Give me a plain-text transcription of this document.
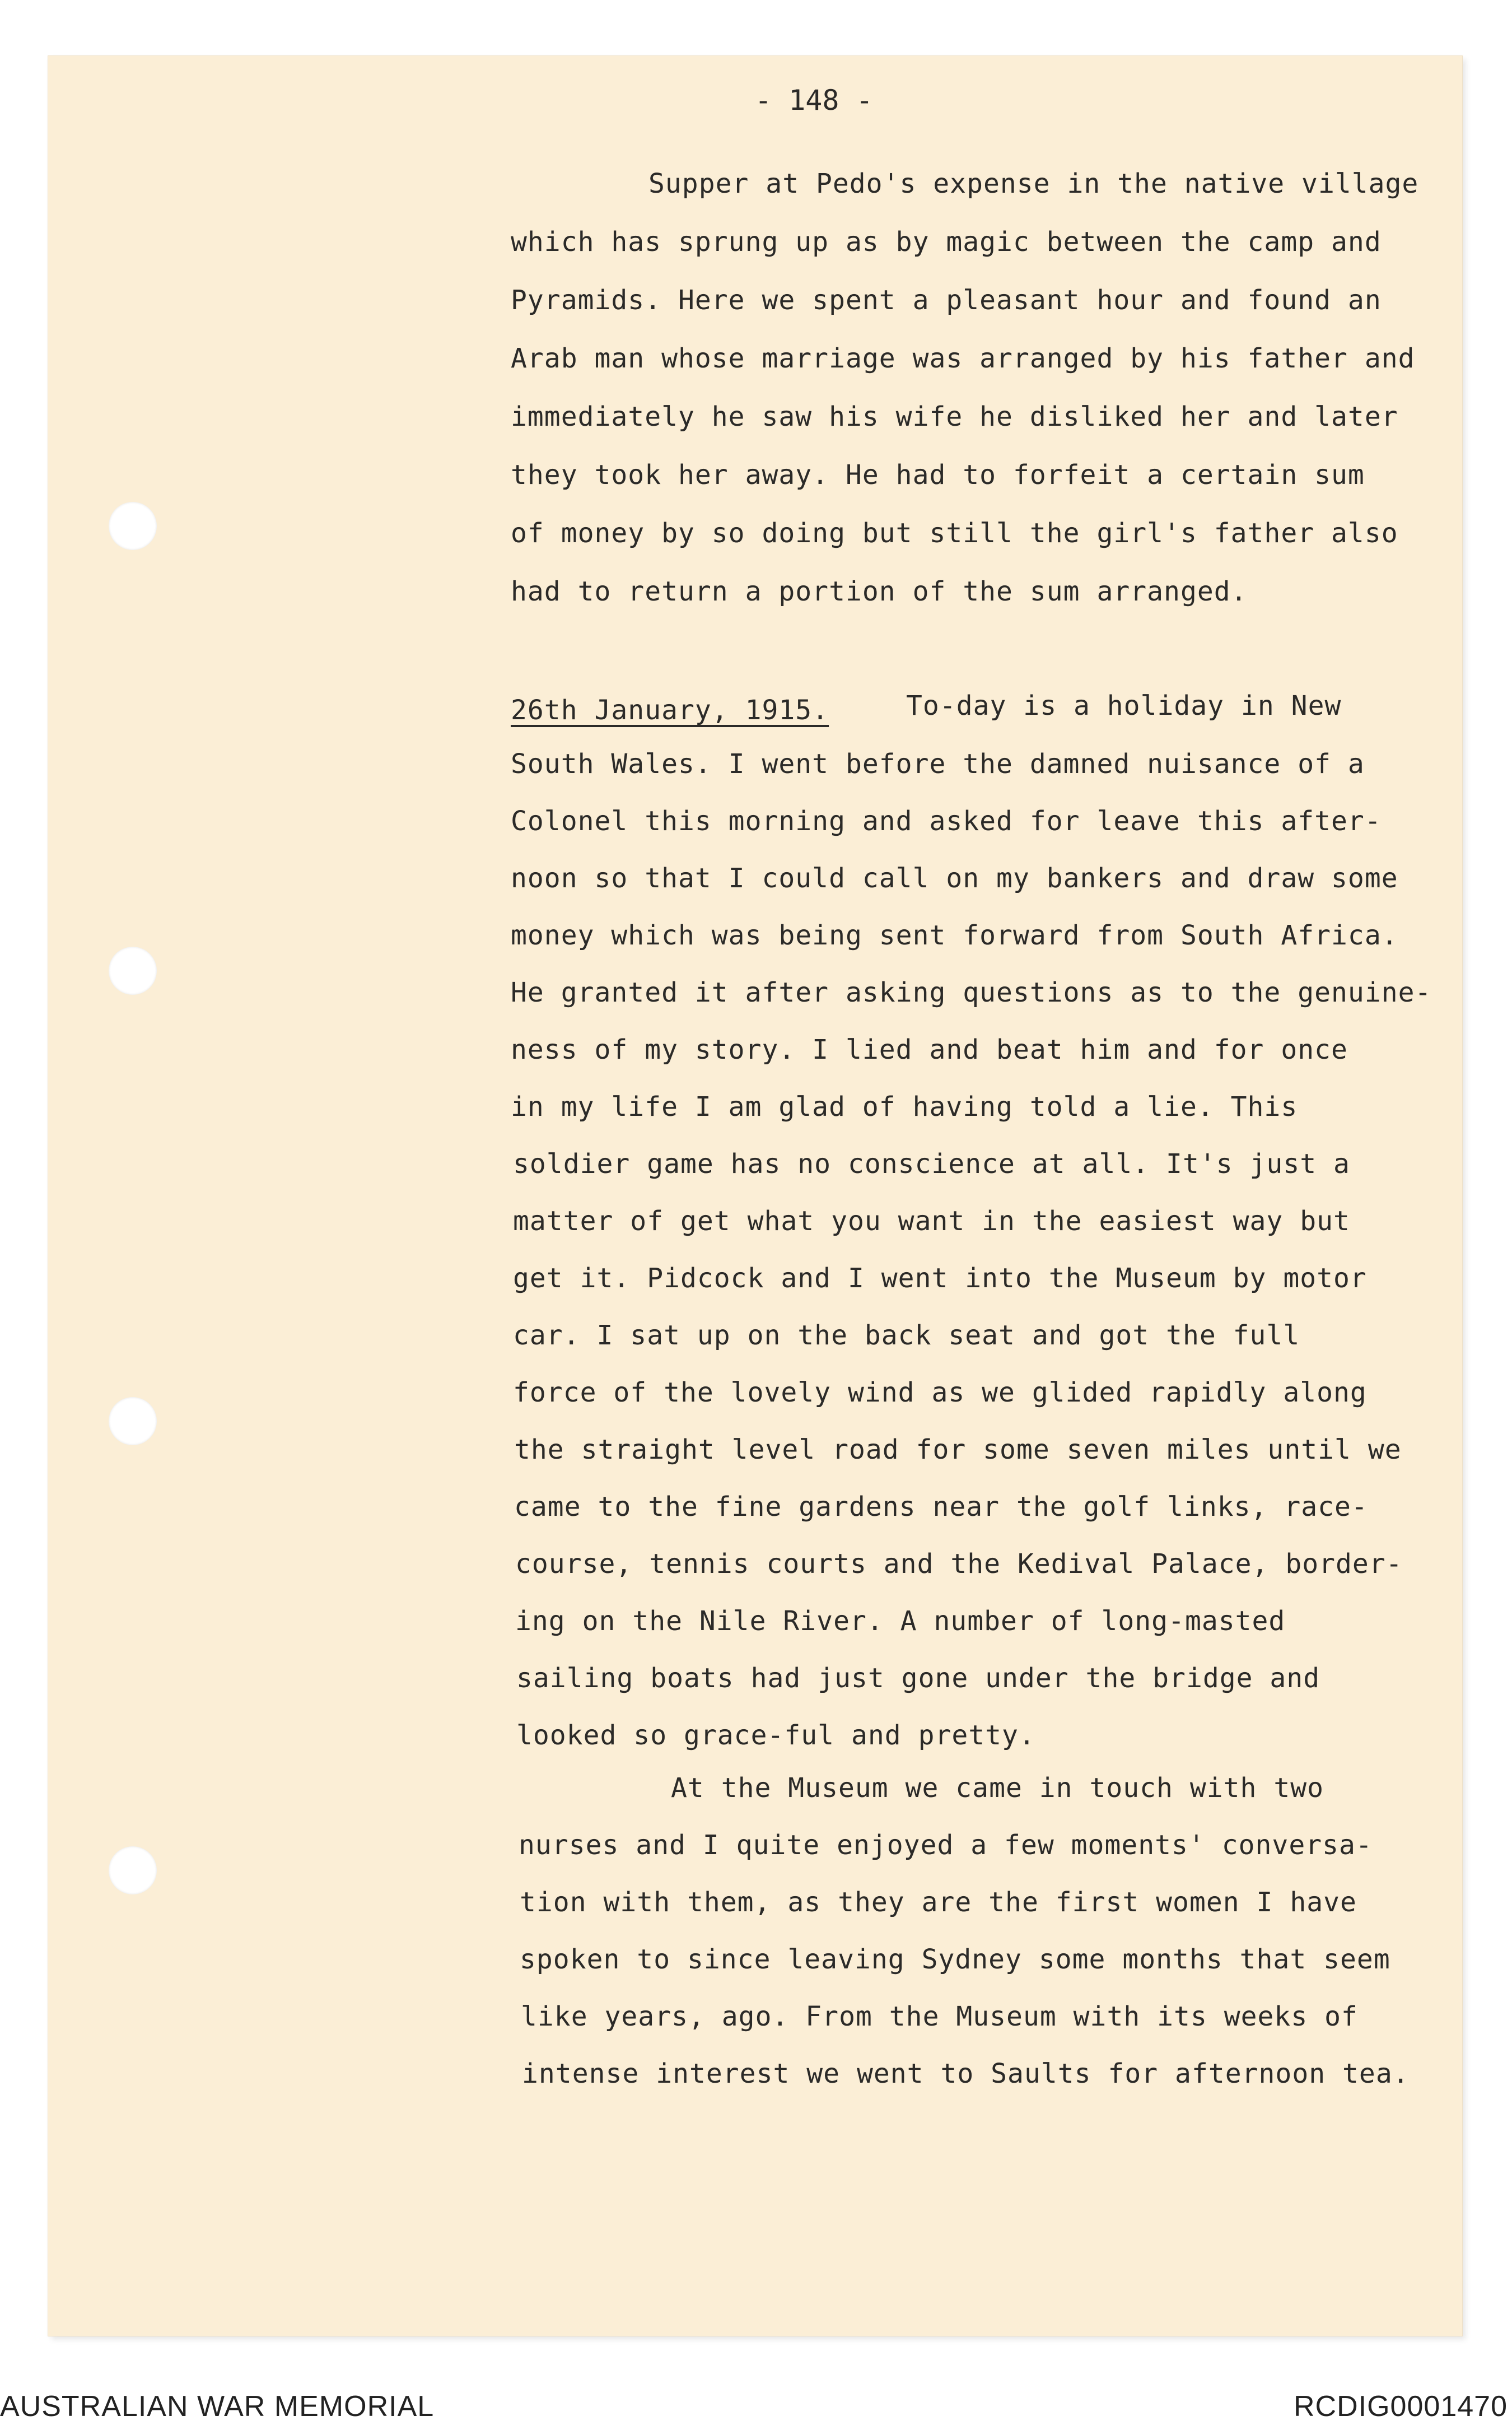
- 148 -
Supper at Pedo's expense in the native village
which has sprung up as by magic between the camp and
Pyramids. Here we spent a pleasant hour and found an
Arab man whose marriage was arranged by his father and
immediately he saw his wife he disliked her and later
they took her away. He had to forfeit a certain sum
of money by so doing but still the girl's father also
had to return a portion of the sum arranged.
26th January, 1915.	To-day is a holiday in New
South Wales. I went before the damned nuisance of a
Colonel this morning and asked for leave this after-
noon so that I could call on my bankers and draw some
money which was being sent forward from South Africa.
He granted it after asking questions as to the genuine-
ness of my story. I lied and beat him and for once
in my life I am glad of having told a lie. This
soldier game has no conscience at all. It's just a
matter of get what you want in the easiest way but
get it. Pidcock and I went into the Museum by motor
car. I sat up on the back seat and got the full
force of the lovely wind as we glided rapidly along
the straight level road for some seven miles until we
came to the fine gardens near the golf links, race-
course, tennis courts and the Kedival Palace, border-
ing on the Nile River. A number of long-masted
sailing boats had just gone under the bridge and
looked so grace-ful and pretty.
At the Museum we came in touch with two
nurses and I quite enjoyed a few moments' conversa-
tion with them, as they are the first women I have
spoken to since leaving Sydney some months that seem
like years, ago. From the Museum with its weeks of
intense interest we went to Saults for afternoon tea.
AUSTRALIAN WAR MEMORIAL	RCDIG0001470
